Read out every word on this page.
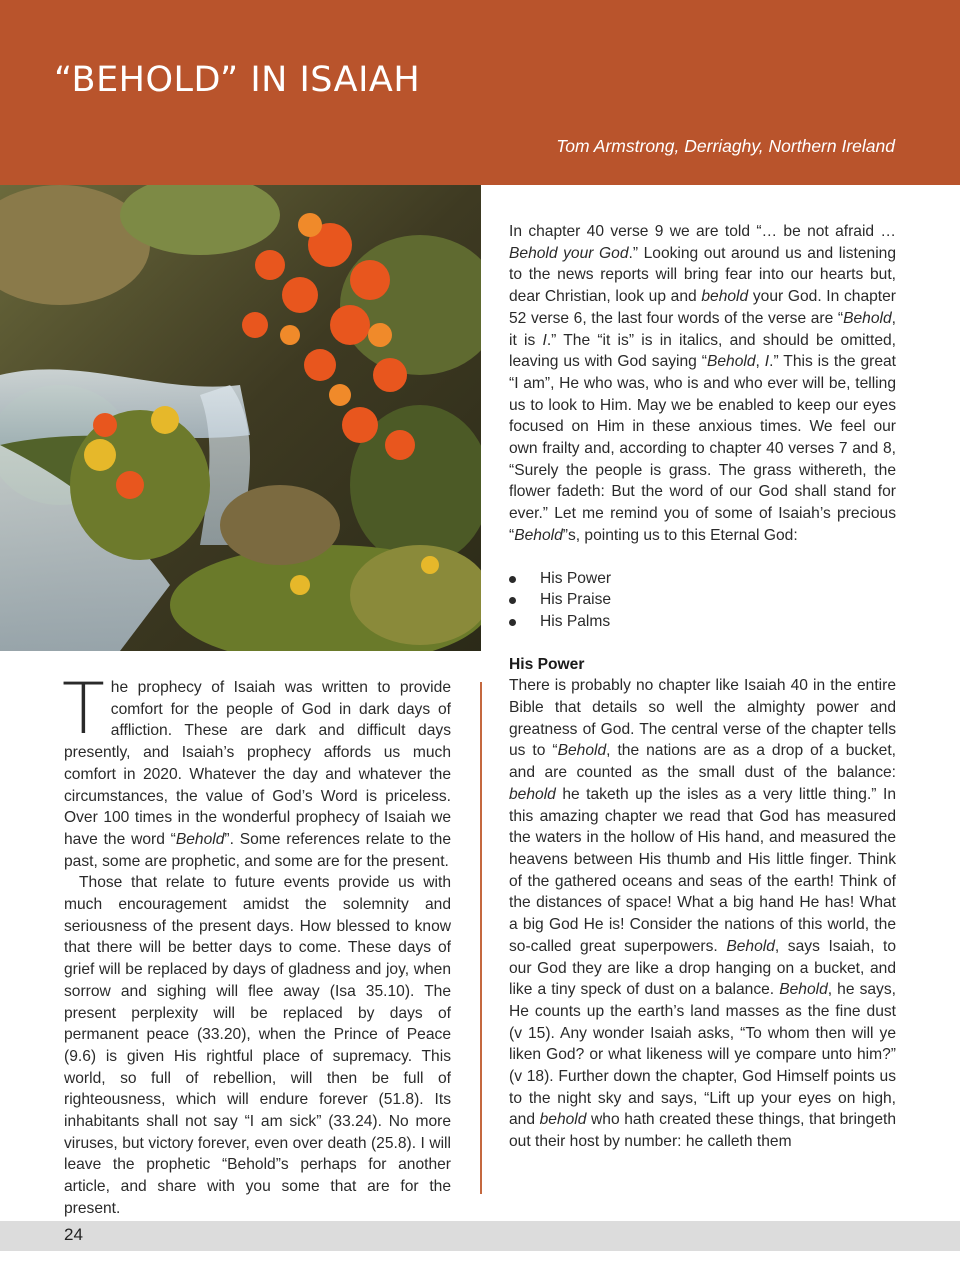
“BEHOLD” IN ISAIAH

Tom Armstrong, Derriaghy, Northern Ireland

The prophecy of Isaiah was written to provide comfort for the people of God in dark days of affliction. These are dark and difficult days presently, and Isaiah’s prophecy affords us much comfort in 2020. Whatever the day and whatever the circumstances, the value of God’s Word is priceless. Over 100 times in the wonderful prophecy of Isaiah we have the word “Behold”. Some references relate to the past, some are prophetic, and some are for the present.

Those that relate to future events provide us with much encouragement amidst the solemnity and seriousness of the present days. How blessed to know that there will be better days to come. These days of grief will be replaced by days of gladness and joy, when sorrow and sighing will flee away (Isa 35.10). The present perplexity will be replaced by days of permanent peace (33.20), when the Prince of Peace (9.6) is given His rightful place of supremacy. This world, so full of rebellion, will then be full of righteousness, which will endure forever (51.8). Its inhabitants shall not say “I am sick” (33.24). No more viruses, but victory forever, even over death (25.8). I will leave the prophetic “Behold”s perhaps for another article, and share with you some that are for the present.

In chapter 40 verse 9 we are told “… be not afraid … Behold your God.” Looking out around us and listening to the news reports will bring fear into our hearts but, dear Christian, look up and behold your God. In chapter 52 verse 6, the last four words of the verse are “Behold, it is I.” The “it is” is in italics, and should be omitted, leaving us with God saying “Behold, I.” This is the great “I am”, He who was, who is and who ever will be, telling us to look to Him. May we be enabled to keep our eyes focused on Him in these anxious times. We feel our own frailty and, according to chapter 40 verses 7 and 8, “Surely the people is grass. The grass withereth, the flower fadeth: But the word of our God shall stand for ever.” Let me remind you of some of Isaiah’s precious “Behold”s, pointing us to this Eternal God:

His Power
His Praise
His Palms
His Power

There is probably no chapter like Isaiah 40 in the entire Bible that details so well the almighty power and greatness of God. The central verse of the chapter tells us to “Behold, the nations are as a drop of a bucket, and are counted as the small dust of the balance: behold he taketh up the isles as a very little thing.” In this amazing chapter we read that God has measured the waters in the hollow of His hand, and measured the heavens between His thumb and His little finger. Think of the gathered oceans and seas of the earth! Think of the distances of space! What a big hand He has! What a big God He is! Consider the nations of this world, the so-called great superpowers. Behold, says Isaiah, to our God they are like a drop hanging on a bucket, and like a tiny speck of dust on a balance. Behold, he says, He counts up the earth’s land masses as the fine dust (v 15). Any wonder Isaiah asks, “To whom then will ye liken God? or what likeness will ye compare unto him?” (v 18). Further down the chapter, God Himself points us to the night sky and says, “Lift up your eyes on high, and behold who hath created these things, that bringeth out their host by number: he calleth them

24
